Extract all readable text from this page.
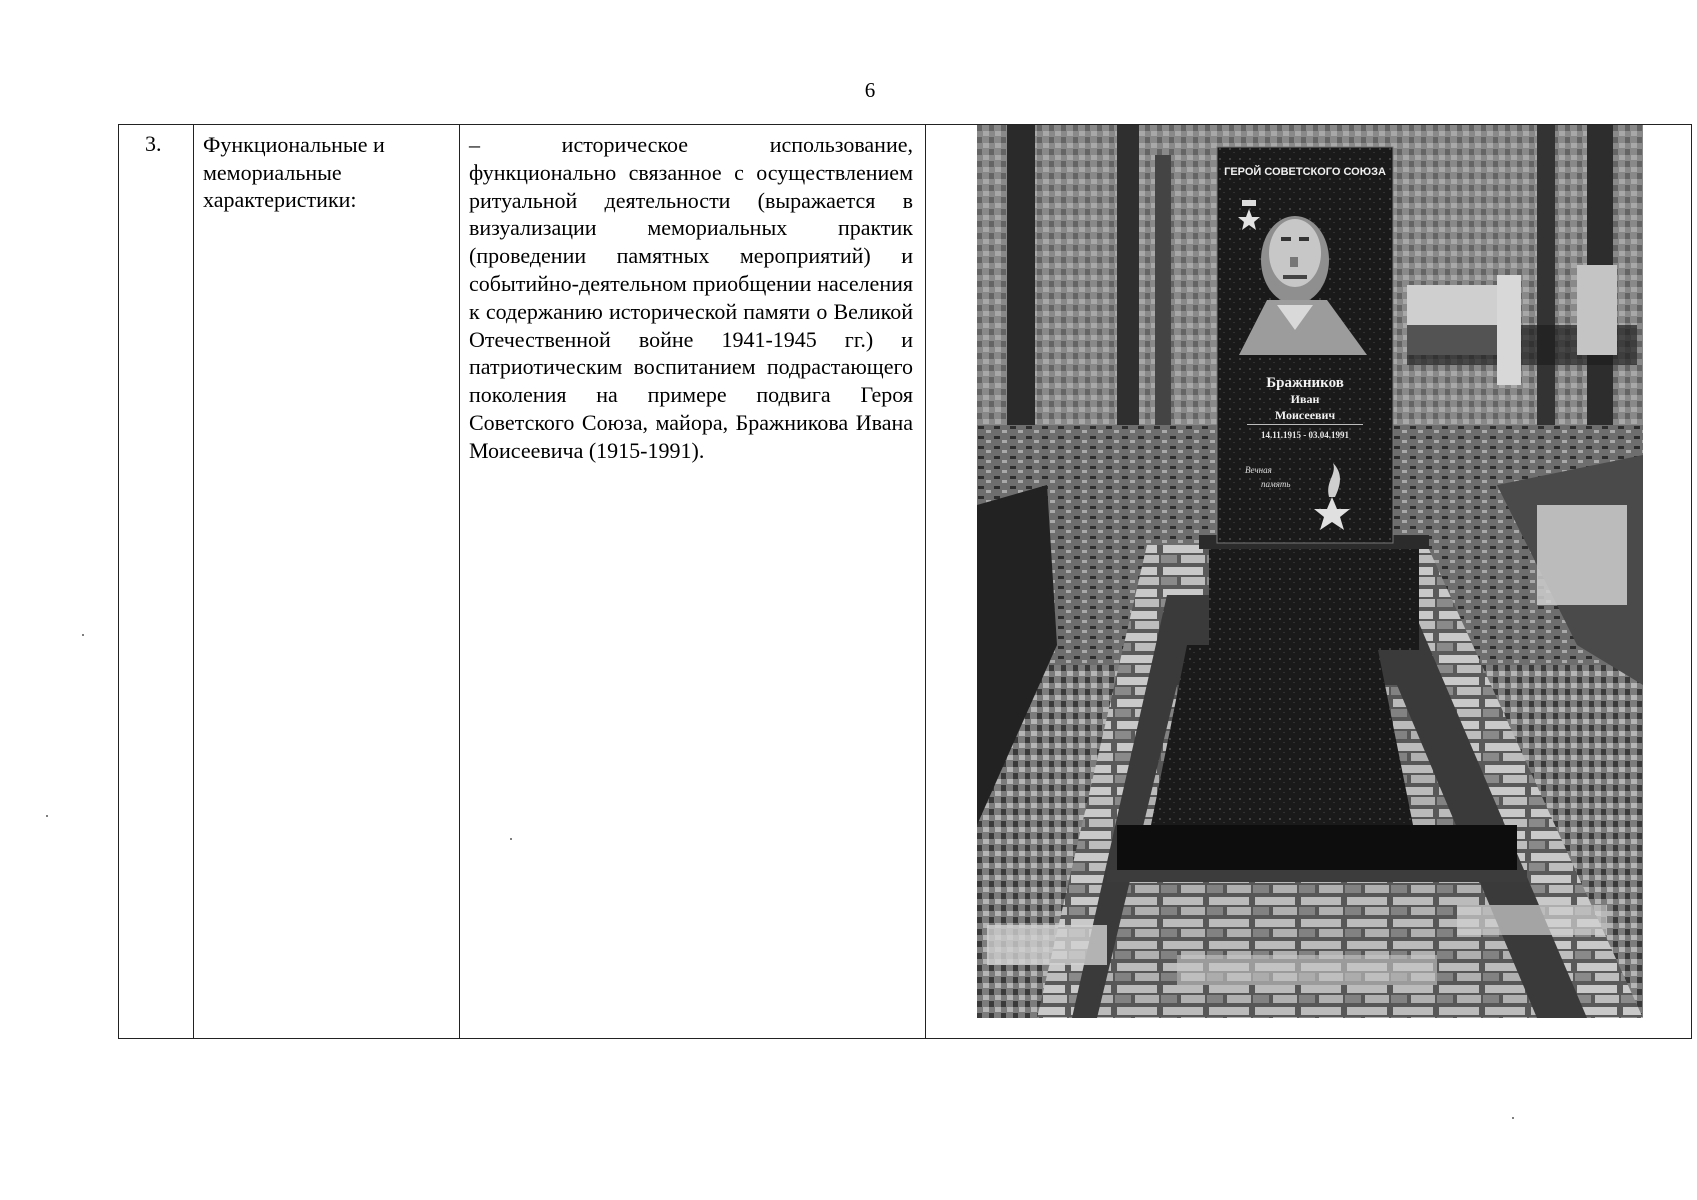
6
3.	Функциональные и мемориальные характеристики:
– историческое использование, функционально связанное с осуществлением ритуальной деятельности (выражается в визуализации мемориальных практик (проведении памятных мероприятий) и событийно-деятельном приобщении населения к содержанию исторической памяти о Великой Отечественной войне 1941-1945 гг.) и патриотическим воспитанием подрастающего поколения на примере подвига Героя Советского Союза, майора, Бражникова Ивана Моисеевича (1915-1991).
ГЕРОЙ СОВЕТСКОГО СОЮЗА
Бражников
Иван
Моисеевич
14.11.1915 - 03.04.1991
Вечная
память
